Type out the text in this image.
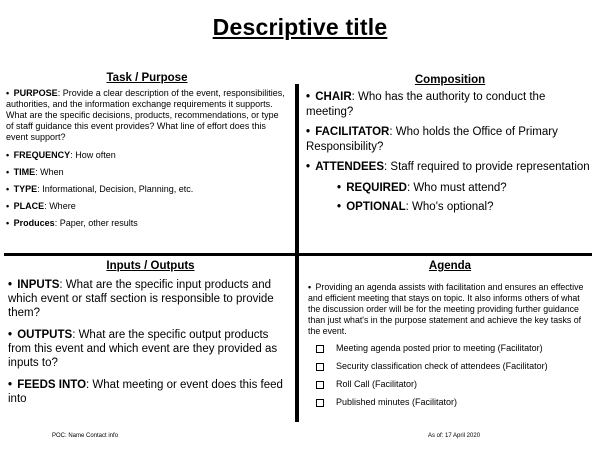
Descriptive title
Task / Purpose
• PURPOSE: Provide a clear description of the event, responsibilities, authorities, and the information exchange requirements it supports. What are the specific decisions, products, recommendations, or type of staff guidance this event provides? What line of effort does this event support?
• FREQUENCY: How often
• TIME: When
• TYPE: Informational, Decision, Planning, etc.
• PLACE: Where
• Produces: Paper, other results
Composition
• CHAIR: Who has the authority to conduct the meeting?
• FACILITATOR: Who holds the Office of Primary Responsibility?
• ATTENDEES: Staff required to provide representation
• REQUIRED: Who must attend?
• OPTIONAL: Who's optional?
Inputs / Outputs
• INPUTS: What are the specific input products and which event or staff section is responsible to provide them?
• OUTPUTS: What are the specific output products from this event and which event are they provided as inputs to?
• FEEDS INTO: What meeting or event does this feed into
Agenda
• Providing an agenda assists with facilitation and ensures an effective and efficient meeting that stays on topic. It also informs others of what the discussion order will be for the meeting providing further guidance than just what's in the purpose statement and achieve the key tasks of the event.
Meeting agenda posted prior to meeting (Facilitator)
Security classification check of attendees (Facilitator)
Roll Call (Facilitator)
Published minutes (Facilitator)
POC: Name Contact info	As of: 17 April 2020
